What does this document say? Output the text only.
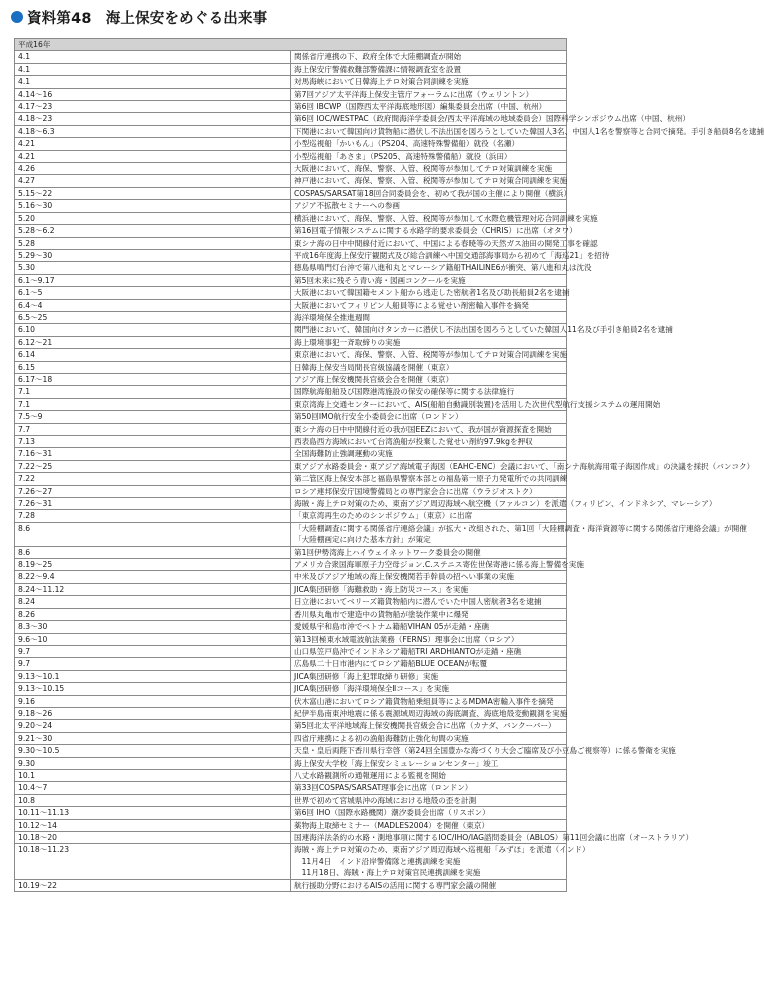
資料第48 海上保安をめぐる出来事
平成16年	
4.1	関係省庁連携の下、政府全体で大陸棚調査が開始

4.1	海上保安庁警備救難部警備課に情報調査室を設置

4.1	対馬海峡において日韓海上テロ対策合同訓練を実施

4.14〜16	第7回アジア太平洋海上保安主管庁フォーラムに出席（ウェリントン）

4.17〜23	第6回 IBCWP（国際西太平洋海底地形図）編集委員会出席（中国、杭州）

4.18〜23	第6回 IOC/WESTPAC（政府間海洋学委員会/西太平洋海域の地域委員会）国際科学シンポジウム出席（中国、杭州）

4.18〜6.3	下関港において韓国向け貨物船に潜伏し不法出国を図ろうとしていた韓国人3名、中国人1名を警察等と合同で摘発。手引き船員8名を逮捕

4.21	小型巡視船「かいもん」（PS204、高速特殊警備船）就役（名瀬）

4.21	小型巡視船「あさま」（PS205、高速特殊警備船）就役（浜田）

4.26	大阪港において、海保、警察、入管、税関等が参加してテロ対策訓練を実施

4.27	神戸港において、海保、警察、入管、税関等が参加してテロ対策合同訓練を実施

5.15〜22	COSPAS/SARSAT第18回合同委員会を、初めて我が国の主催により開催（横浜）

5.16〜30	アジア不拡散セミナーへの参画

5.20	横浜港において、海保、警察、入管、税関等が参加して水際危機管理対応合同訓練を実施

5.28〜6.2	第16回電子情報システムに関する水路学的要求委員会（CHRIS）に出席（オタワ）

5.28	東シナ海の日中中間線付近において、中国による春暁等の天然ガス油田の開発工事を確認

5.29〜30	平成16年度海上保安庁観閲式及び総合訓練へ中国交通部海事局から初めて「海巡21」を招待

5.30	徳島県鳴門灯台沖で第八進和丸とマレーシア籍船THAILINE6が衝突、第八進和丸は沈没

6.1〜9.17	第5回未来に残そう青い海・図画コンクールを実施

6.1〜5	大阪港において韓国籍セメント船から逃走した密航者1名及び助長船員2名を逮捕

6.4〜4	大阪港においてフィリピン人船員等による覚せい剤密輸入事件を摘発

6.5〜25	海洋環境保全推進週間

6.10	関門港において、韓国向けタンカーに潜伏し不法出国を図ろうとしていた韓国人11名及び手引き船員2名を逮捕

6.12〜21	海上環境事犯一斉取締りの実施

6.14	東京港において、海保、警察、入管、税関等が参加してテロ対策合同訓練を実施

6.15	日韓海上保安当局間長官級協議を開催（東京）

6.17〜18	アジア海上保安機関長官級会合を開催（東京）

7.1	国際航海船舶及び国際港湾施設の保安の確保等に関する法律施行

7.1	東京湾海上交通センターにおいて、AIS(船舶自動識別装置)を活用した次世代型航行支援システムの運用開始

7.5〜9	第50回IMO航行安全小委員会に出席（ロンドン）

7.7	東シナ海の日中中間線付近の我が国EEZにおいて、我が国が資源探査を開始

7.13	西表島西方海域において台湾漁船が投棄した覚せい剤約97.9kgを押収

7.16〜31	全国海難防止強調運動の実施

7.22〜25	東アジア水路委員会・東アジア海域電子海図（EAHC-ENC）会議において、「南シナ海航海用電子海図作成」の決議を採択（バンコク）

7.22	第二管区海上保安本部と福島県警察本部との福島第一原子力発電所での共同訓練

7.26〜27	ロシア連邦保安庁国境警備局との専門家会合に出席（ウラジオストク）

7.26〜31	海賊・海上テロ対策のため、東南アジア周辺海域へ航空機（ファルコン）を派遣（フィリピン、インドネシア、マレーシア）

7.28	「東京湾再生のためのシンポジウム」（東京）に出席

8.6	「大陸棚調査に関する関係省庁連絡会議」が拡大・改組された、第1回「大陸棚調査・海洋資源等に関する関係省庁連絡会議」が開催
「大陸棚画定に向けた基本方針」が策定

8.6	第1回伊勢湾海上ハイウェイネットワーク委員会の開催

8.19〜25	アメリカ合衆国海軍原子力空母ジョン.C.ステニス寄佐世保寄港に係る海上警備を実施

8.22〜9.4	中米及びアジア地域の海上保安機関若手幹員の招へい事業の実施

8.24〜11.12	JICA集団研修「海難救助・海上防災コース」を実施

8.24	日立港においてベリーズ籍貨物船内に潜んでいた中国人密航者3名を逮捕

8.26	香川県丸亀市で建造中の貨物船が塗装作業中に爆発

8.3〜30	愛媛県宇和島市沖でベトナム籍船VIHAN 05が走錨・座礁

9.6〜10	第13回極東水域電波航法業務（FERNS）理事会に出席（ロシア）

9.7	山口県笠戸島沖でインドネシア籍船TRI ARDHIANTOが走錨・座礁

9.7	広島県二十日市港内にてロシア籍船BLUE OCEANが転覆

9.13〜10.1	JICA集団研修「海上犯罪取締り研修」実施

9.13〜10.15	JICA集団研修「海洋環境保全Ⅱコース」を実施

9.16	伏木富山港においてロシア籍貨物船乗組員等によるMDMA密輸入事件を摘発

9.18〜26	紀伊半島南東沖地震に係る震源域周辺海域の海底調査、海底地殻変動観測を実施

9.20〜24	第5回北太平洋地域海上保安機関長官級会合に出席（カナダ、バンクーバー）

9.21〜30	四省庁連携による初の漁船海難防止強化旬間の実施

9.30〜10.5	天皇・皇后両陛下香川県行幸啓（第24回全国豊かな海づくり大会ご臨席及び小豆島ご視察等）に係る警衛を実施

9.30	海上保安大学校「海上保安シミュレーションセンター」竣工

10.1	八丈水路観測所の通報運用による監視を開始

10.4〜7	第33回COSPAS/SARSAT理事会に出席（ロンドン）

10.8	世界で初めて宮城県沖の海域における地殻の歪を計測

10.11〜11.13	第6回 IHO（国際水路機関）潮汐委員会出席（リスボン）

10.12〜14	薬物海上取締セミナー（MADLES2004）を開催（東京）

10.18〜20	国連海洋法条約の水路・測地事項に関するIOC/IHO/IAG諮問委員会（ABLOS）第11回会議に出席（オーストラリア）

10.18〜11.23	海賊・海上テロ対策のため、東南アジア周辺海域へ巡視船「みずほ」を派遣（インド）
　11月4日　インド沿岸警備隊と連携訓練を実施
　11月18日、海賊・海上テロ対策官民連携訓練を実施

10.19〜22	航行援助分野におけるAISの活用に関する専門家会議の開催
